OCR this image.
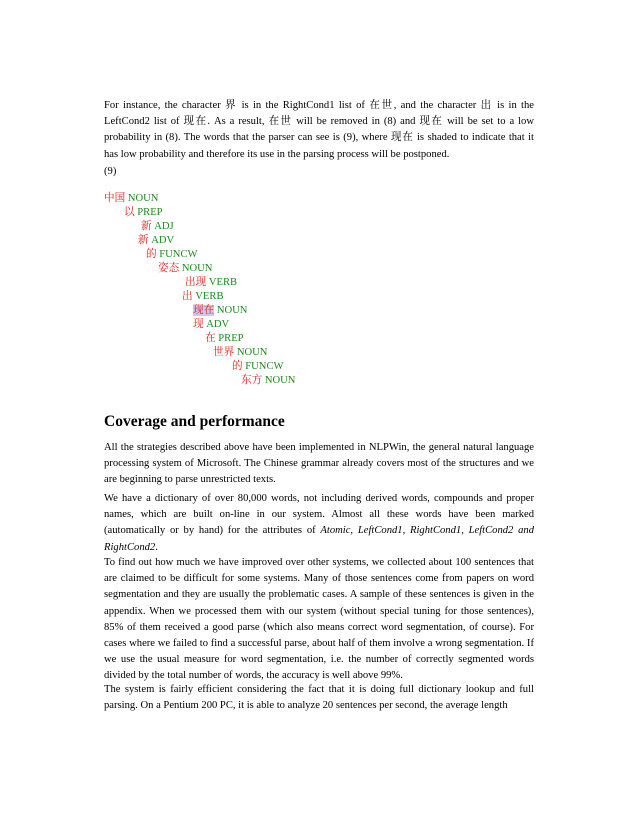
For instance, the character 界 is in the RightCond1 list of 在世, and the character 出 is in the LeftCond2 list of 现在. As a result, 在世 will be removed in (8) and 现在 will be set to a low probability in (8). The words that the parser can see is (9), where 现在 is shaded to indicate that it has low probability and therefore its use in the parsing process will be postponed.

(9)

中国 NOUN
以 PREP
新 ADJ
新 ADV
的 FUNCW
姿态 NOUN
出现 VERB
出 VERB
现在 NOUN
现 ADV
在 PREP
世界 NOUN
的 FUNCW
东方 NOUN
Coverage and performance

All the strategies described above have been implemented in NLPWin, the general natural language processing system of Microsoft. The Chinese grammar already covers most of the structures and we are beginning to parse unrestricted texts.

We have a dictionary of over 80,000 words, not including derived words, compounds and proper names, which are built on-line in our system. Almost all these words have been marked (automatically or by hand) for the attributes of Atomic, LeftCond1, RightCond1, LeftCond2 and RightCond2.

To find out how much we have improved over other systems, we collected about 100 sentences that are claimed to be difficult for some systems. Many of those sentences come from papers on word segmentation and they are usually the problematic cases. A sample of these sentences is given in the appendix. When we processed them with our system (without special tuning for those sentences), 85% of them received a good parse (which also means correct word segmentation, of course). For cases where we failed to find a successful parse, about half of them involve a wrong segmentation. If we use the usual measure for word segmentation, i.e. the number of correctly segmented words divided by the total number of words, the accuracy is well above 99%.

The system is fairly efficient considering the fact that it is doing full dictionary lookup and full parsing. On a Pentium 200 PC, it is able to analyze 20 sentences per second, the average length
